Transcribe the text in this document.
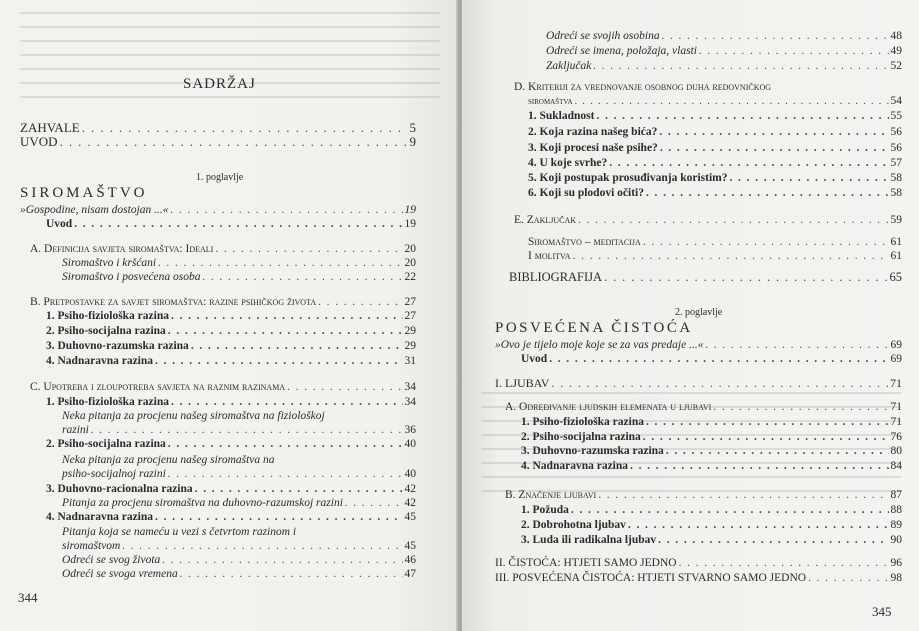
SADRŽAJ
ZAHVALE . . .	5
UVOD . . .	9
1. poglavlje
SIROMAŠTVO
»Gospodine, nisam dostojan ...« . . .	19
Uvod . . .	19
A. Definicija savjeta siromaštva: Ideali . . .	20
Siromaštvo i kršćani . . .	20
Siromaštvo i posvećena osoba . . .	22
B. Pretpostavke za savjet siromaštva: razine psihičkog života . . .	27
1. Psiho-fiziološka razina . . .	27
2. Psiho-socijalna razina . . .	29
3. Duhovno-razumska razina . . .	29
4. Nadnaravna razina . . .	31
C. Upotreba i zloupotreba savjeta na raznim razinama . . .	34
1. Psiho-fiziološka razina . . .	34
Neka pitanja za procjenu našeg siromaštva na fiziološkoj
razini . . .	36
2. Psiho-socijalna razina . . .	40
Neka pitanja za procjenu našeg siromaštva na
psiho-socijalnoj razini . . .	40
3. Duhovno-racionalna razina . . .	42
Pitanja za procjenu siromaštva na duhovno-razumskoj razini . . .	42
4. Nadnaravna razina . . .	45
Pitanja koja se nameću u vezi s četvrtom razinom i
siromaštvom . . .	45
Odreći se svog života . . .	46
Odreći se svoga vremena . . .	47
344
Odreći se svojih osobina . . .	48
Odreći se imena, položaja, vlasti . . .	49
Zaključak . . .	52
D. Kriteriji za vrednovanje osobnog duha redovničkog
siromaštva . . .	54
1. Sukladnost . . .	55
2. Koja razina našeg bića? . . .	56
3. Koji procesi naše psihe? . . .	56
4. U koje svrhe? . . .	57
5. Koji postupak prosuđivanja koristim? . . .	58
6. Koji su plodovi očiti? . . .	58
E. Zaključak . . .	59
Siromaštvo – meditacija . . .	61
I molitva . . .	61
BIBLIOGRAFIJA . . .	65
2. poglavlje
POSVEĆENA ČISTOĆA
»Ovo je tijelo moje koje se za vas predaje ...« . . .	69
Uvod . . .	69
I. LJUBAV . . .	71
A. Određivanje ljudskih elemenata u ljubavi . . .	71
1. Psiho-fiziološka razina . . .	71
2. Psiho-socijalna razina . . .	76
3. Duhovno-razumska razina . . .	80
4. Nadnaravna razina . . .	84
B. Značenje ljubavi . . .	87
1. Požuda . . .	88
2. Dobrohotna ljubav . . .	89
3. Luda ili radikalna ljubav . . .	90
II. ČISTOĆA: HTJETI SAMO JEDNO . . .	96
III. POSVEĆENA ČISTOĆA: HTJETI STVARNO SAMO JEDNO . . .	98
345
